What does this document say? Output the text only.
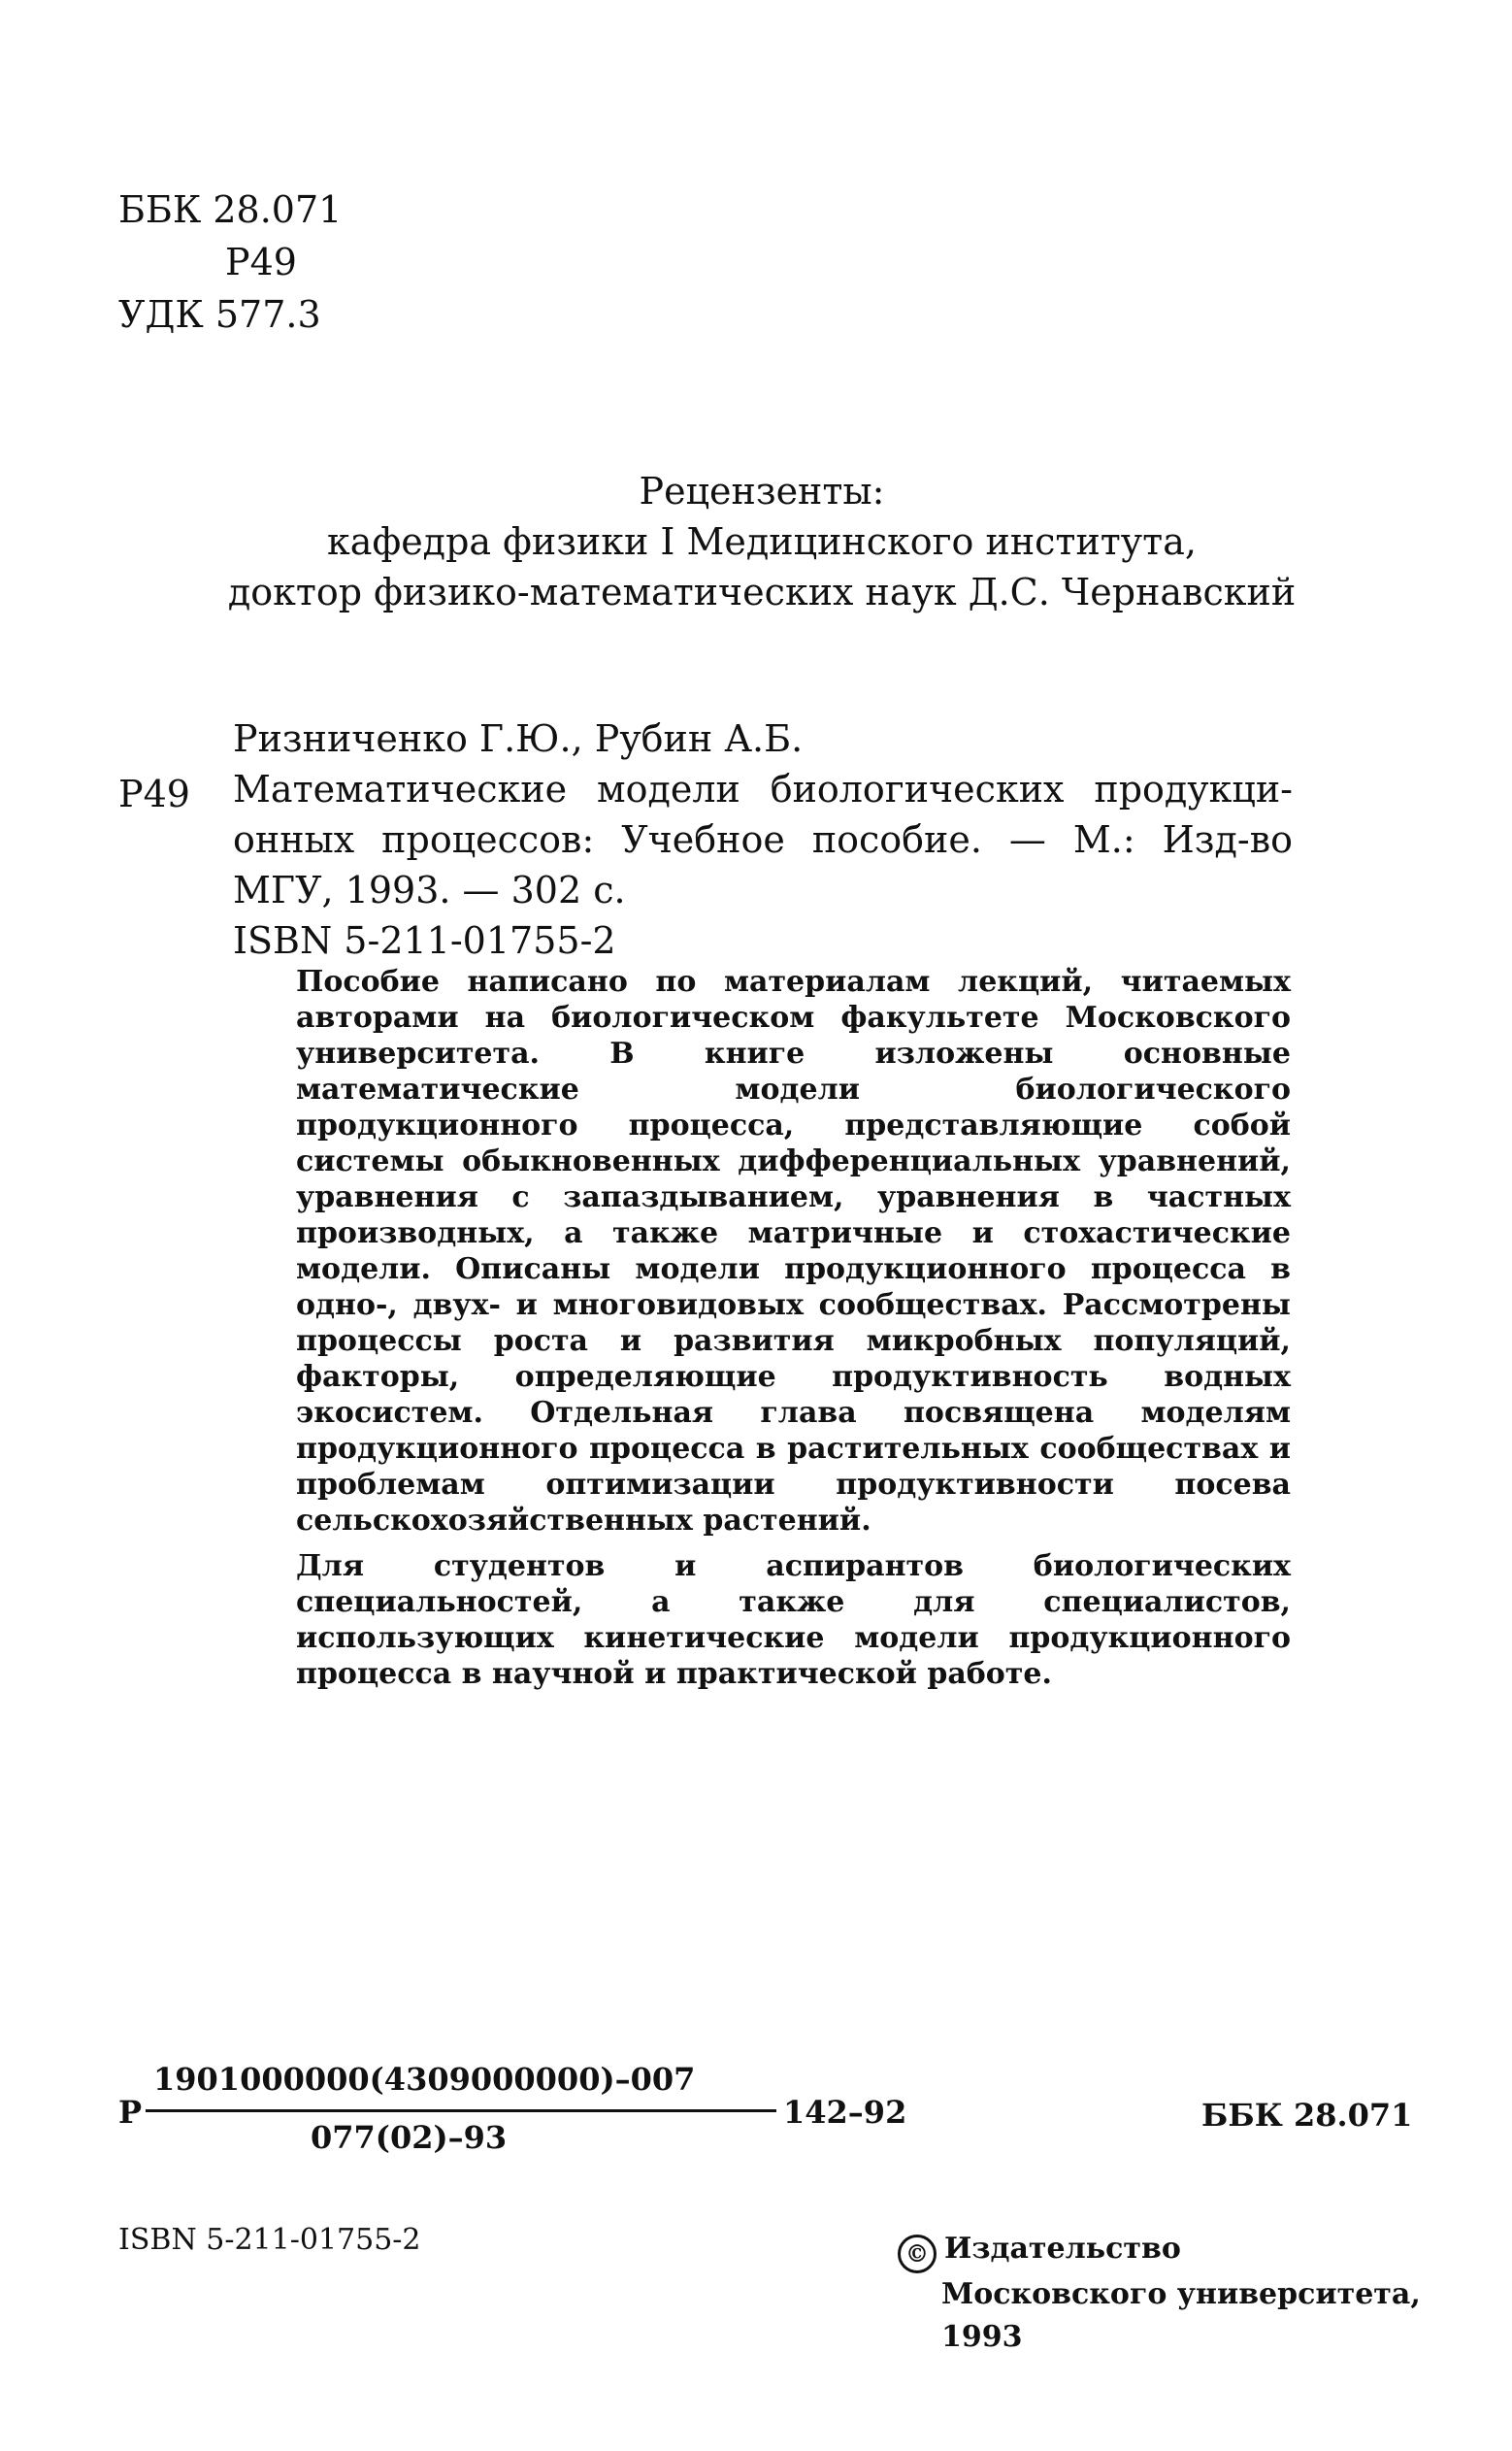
ББК 28.071
Р49
УДК 577.3
Рецензенты:
кафедра физики I Медицинского института,
доктор физико-математических наук Д.С. Чернавский
Р49
Ризниченко Г.Ю., Рубин А.Б.
Математические модели биологических продукци-
онных процессов: Учебное пособие. — М.: Изд-во
МГУ, 1993. — 302 с.
ISBN 5-211-01755-2

Пособие написано по материалам лекций, читаемых авторами на биологическом факультете Московского университета. В книге изложены основные математические модели биологического продукционного процесса, представляющие собой системы обыкновенных дифференциальных уравнений, уравнения с запаздыванием, уравнения в частных производных, а также матричные и стохастические модели. Описаны модели продукционного процесса в одно-, двух- и многовидовых сообществах. Рассмотрены процессы роста и развития микробных популяций, факторы, определяющие продуктивность водных экосистем. Отдельная глава посвящена моделям продукционного процесса в растительных сообществах и проблемам оптимизации продуктивности посева сельскохозяйственных растений.

Для студентов и аспирантов биологических специальностей, а также для специалистов, использующих кинетические модели продукционного процесса в научной и практической работе.

Р
1901000000(4309000000)–007
077(02)–93
142–92	ББК 28.071
ISBN 5-211-01755-2	© Издательство
Московского университета,
1993
